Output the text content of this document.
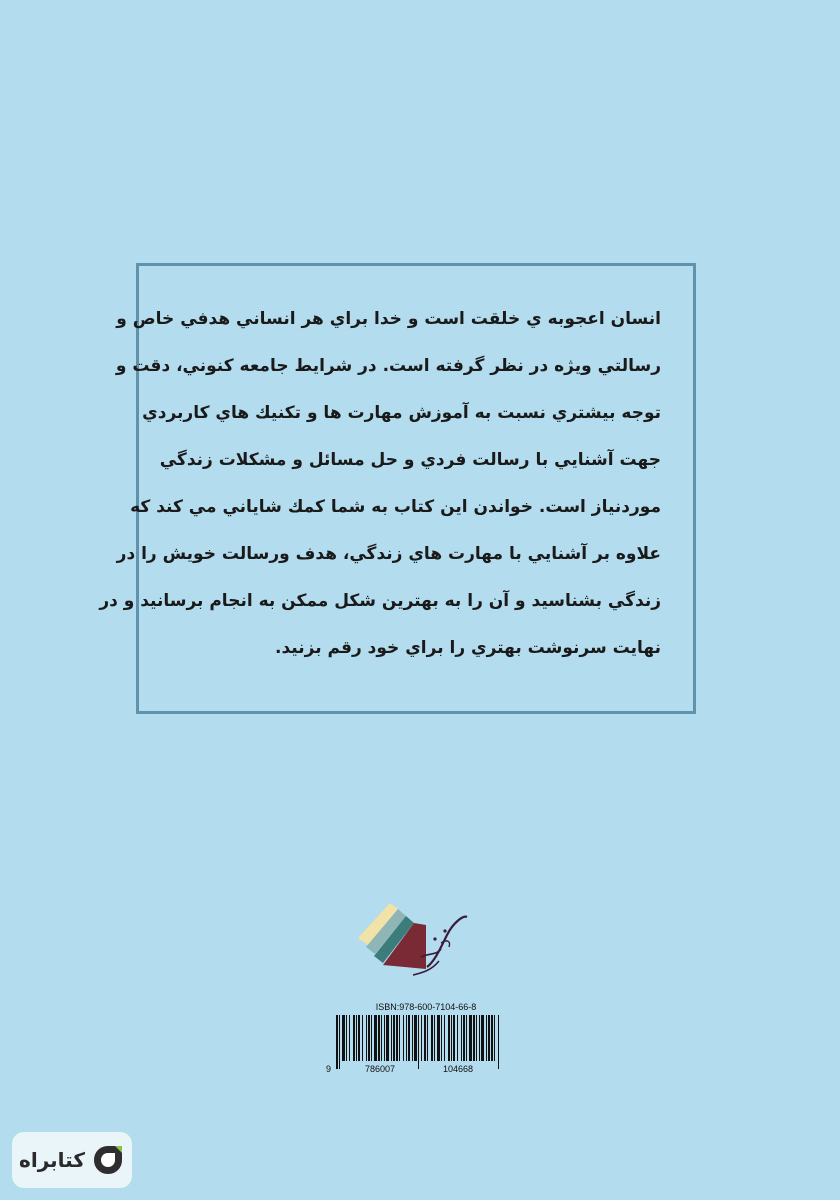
انسان اعجوبه ي خلقت است و خدا براي هر انساني هدفي خاص و
رسالتي ويژه در نظر گرفته است. در شرايط جامعه كنوني، دقت و
توجه بيشتري نسبت به آموزش مهارت ها و تكنيك هاي كاربردي
جهت آشنايي با رسالت فردي و حل مسائل و مشكلات زندگي
موردنياز است. خواندن اين كتاب به شما كمك شاياني مي كند كه
علاوه بر آشنايي با مهارت هاي زندگي، هدف ورسالت خويش را در
زندگي بشناسيد و آن را به بهترين شكل ممكن به انجام برسانيد و در
نهايت سرنوشت بهتري را براي خود رقم بزنيد.
ISBN:978-600-7104-66-8
9	786007	104668
كتابراه
